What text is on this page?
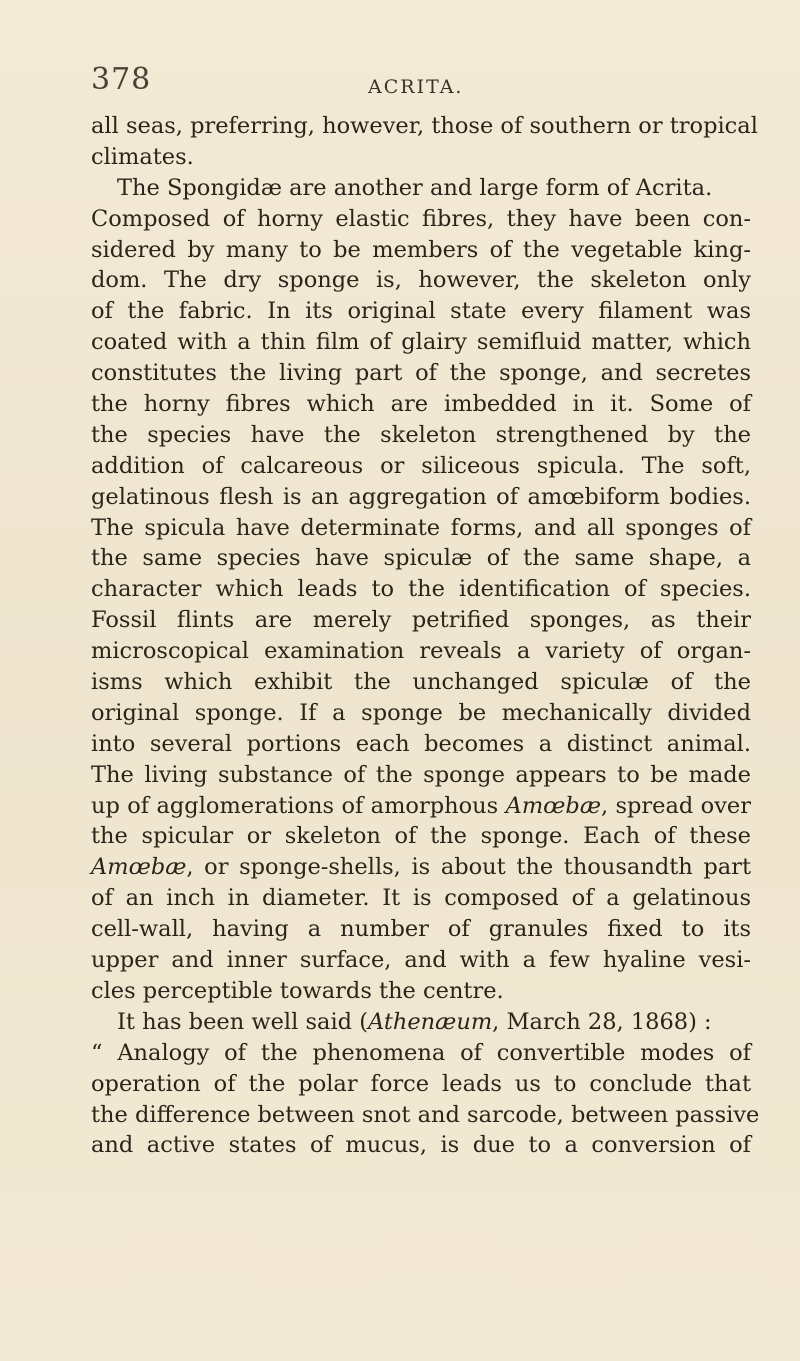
378	ACRITA.
all seas, preferring, however, those of southern or tropical
climates.
The Spongidæ are another and large form of Acrita.
Composed of horny elastic fibres, they have been con-
sidered by many to be members of the vegetable king-
dom. The dry sponge is, however, the skeleton only
of the fabric. In its original state every filament was
coated with a thin film of glairy semifluid matter, which
constitutes the living part of the sponge, and secretes
the horny fibres which are imbedded in it. Some of
the species have the skeleton strengthened by the
addition of calcareous or siliceous spicula. The soft,
gelatinous flesh is an aggregation of amœbiform bodies.
The spicula have determinate forms, and all sponges of
the same species have spiculæ of the same shape, a
character which leads to the identification of species.
Fossil flints are merely petrified sponges, as their
microscopical examination reveals a variety of organ-
isms which exhibit the unchanged spiculæ of the
original sponge. If a sponge be mechanically divided
into several portions each becomes a distinct animal.
The living substance of the sponge appears to be made
up of agglomerations of amorphous Amœbæ, spread over
the spicular or skeleton of the sponge. Each of these
Amœbæ, or sponge-shells, is about the thousandth part
of an inch in diameter. It is composed of a gelatinous
cell-wall, having a number of granules fixed to its
upper and inner surface, and with a few hyaline vesi-
cles perceptible towards the centre.
It has been well said (Athenæum, March 28, 1868) :
“ Analogy of the phenomena of convertible modes of
operation of the polar force leads us to conclude that
the difference between snot and sarcode, between passive
and active states of mucus, is due to a conversion of
